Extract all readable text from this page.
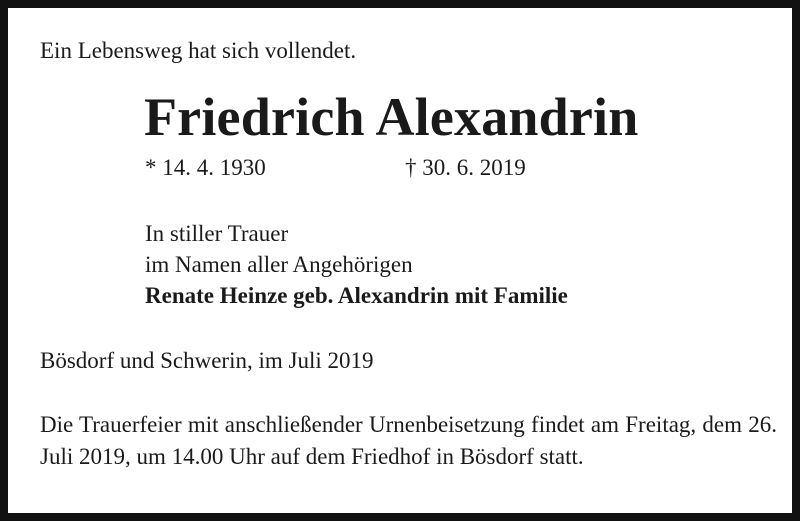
Ein Lebensweg hat sich vollendet.

Friedrich Alexandrin

* 14. 4. 1930	† 30. 6. 2019

In stiller Trauer

im Namen aller Angehörigen

Renate Heinze geb. Alexandrin mit Familie

Bösdorf und Schwerin, im Juli 2019

Die Trauerfeier mit anschließender Urnenbeisetzung findet am Freitag, dem 26. Juli 2019, um 14.00 Uhr auf dem Friedhof in Bösdorf statt.
